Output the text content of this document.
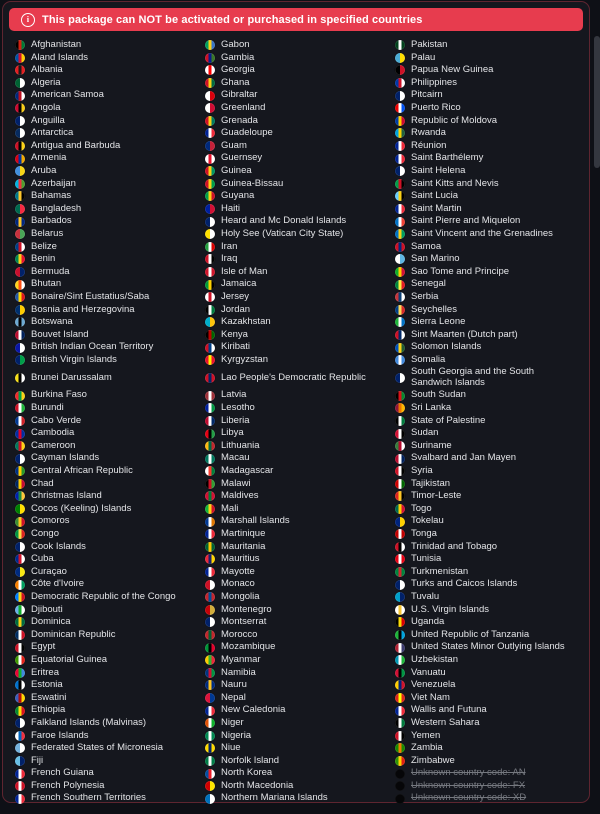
i	This package can NOT be activated or purchased in specified countries
Afghanistan
Aland Islands
Albania
Algeria
American Samoa
Angola
Anguilla
Antarctica
Antigua and Barbuda
Armenia
Aruba
Azerbaijan
Bahamas
Bangladesh
Barbados
Belarus
Belize
Benin
Bermuda
Bhutan
Bonaire/Sint Eustatius/Saba
Bosnia and Herzegovina
Botswana
Bouvet Island
British Indian Ocean Territory
British Virgin Islands
Brunei Darussalam
Burkina Faso
Burundi
Cabo Verde
Cambodia
Cameroon
Cayman Islands
Central African Republic
Chad
Christmas Island
Cocos (Keeling) Islands
Comoros
Congo
Cook Islands
Cuba
Curaçao
Côte d'Ivoire
Democratic Republic of the Congo
Djibouti
Dominica
Dominican Republic
Egypt
Equatorial Guinea
Eritrea
Estonia
Eswatini
Ethiopia
Falkland Islands (Malvinas)
Faroe Islands
Federated States of Micronesia
Fiji
French Guiana
French Polynesia
French Southern Territories
Gabon
Gambia
Georgia
Ghana
Gibraltar
Greenland
Grenada
Guadeloupe
Guam
Guernsey
Guinea
Guinea-Bissau
Guyana
Haiti
Heard and Mc Donald Islands
Holy See (Vatican City State)
Iran
Iraq
Isle of Man
Jamaica
Jersey
Jordan
Kazakhstan
Kenya
Kiribati
Kyrgyzstan
Lao People's Democratic Republic
Latvia
Lesotho
Liberia
Libya
Lithuania
Macau
Madagascar
Malawi
Maldives
Mali
Marshall Islands
Martinique
Mauritania
Mauritius
Mayotte
Monaco
Mongolia
Montenegro
Montserrat
Morocco
Mozambique
Myanmar
Namibia
Nauru
Nepal
New Caledonia
Niger
Nigeria
Niue
Norfolk Island
North Korea
North Macedonia
Northern Mariana Islands
Pakistan
Palau
Papua New Guinea
Philippines
Pitcairn
Puerto Rico
Republic of Moldova
Rwanda
Réunion
Saint Barthélemy
Saint Helena
Saint Kitts and Nevis
Saint Lucia
Saint Martin
Saint Pierre and Miquelon
Saint Vincent and the Grenadines
Samoa
San Marino
Sao Tome and Principe
Senegal
Serbia
Seychelles
Sierra Leone
Sint Maarten (Dutch part)
Solomon Islands
Somalia
South Georgia and the South Sandwich Islands
South Sudan
Sri Lanka
State of Palestine
Sudan
Suriname
Svalbard and Jan Mayen
Syria
Tajikistan
Timor-Leste
Togo
Tokelau
Tonga
Trinidad and Tobago
Tunisia
Turkmenistan
Turks and Caicos Islands
Tuvalu
U.S. Virgin Islands
Uganda
United Republic of Tanzania
United States Minor Outlying Islands
Uzbekistan
Vanuatu
Venezuela
Viet Nam
Wallis and Futuna
Western Sahara
Yemen
Zambia
Zimbabwe
Unknown country code: AN
Unknown country code: FX
Unknown country code: XD
